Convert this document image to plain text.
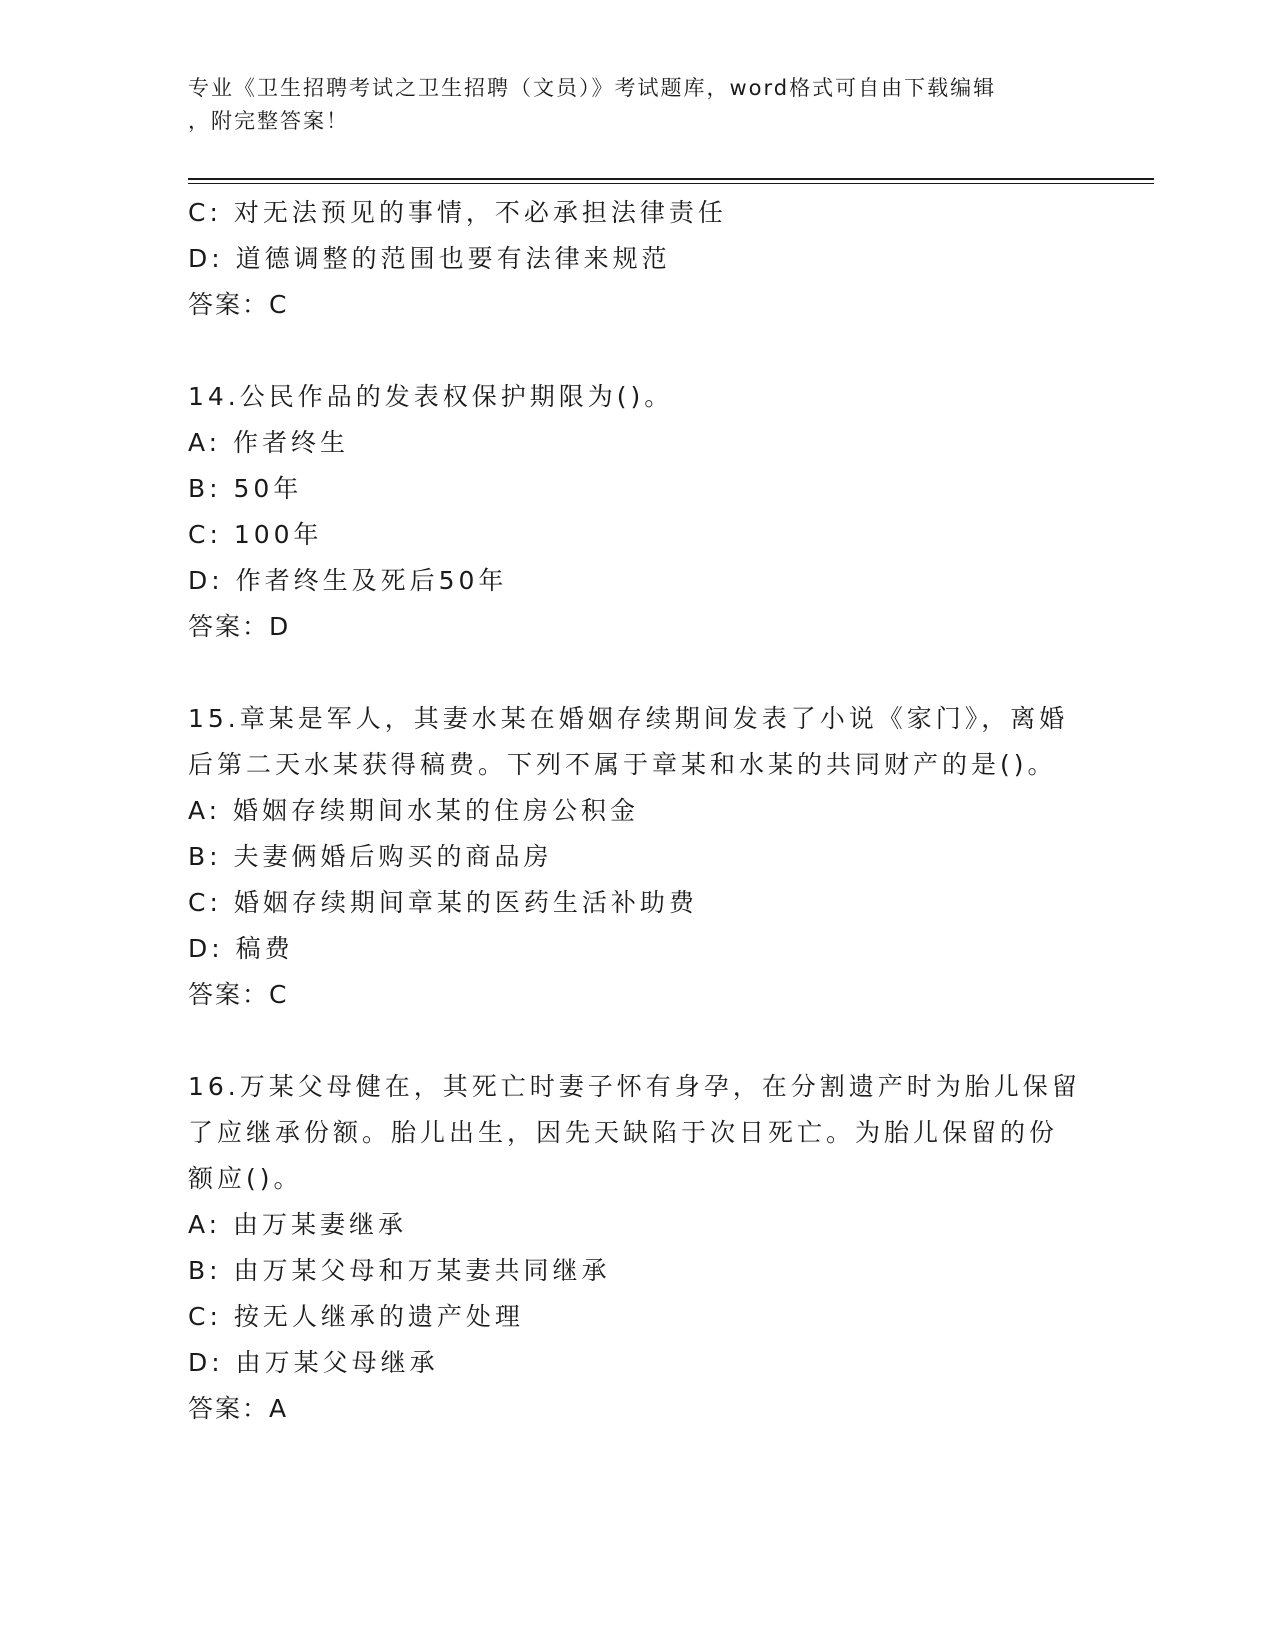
专业《卫生招聘考试之卫生招聘（文员）》考试题库，word格式可自由下载编辑
，附完整答案！
C: 对无法预见的事情，不必承担法律责任
D: 道德调整的范围也要有法律来规范
答案：C
14.公民作品的发表权保护期限为()。
A: 作者终生
B: 50年
C: 100年
D: 作者终生及死后50年
答案：D
15.章某是军人，其妻水某在婚姻存续期间发表了小说《家门》，离婚
后第二天水某获得稿费。下列不属于章某和水某的共同财产的是()。
A: 婚姻存续期间水某的住房公积金
B: 夫妻俩婚后购买的商品房
C: 婚姻存续期间章某的医药生活补助费
D: 稿费
答案：C
16.万某父母健在，其死亡时妻子怀有身孕，在分割遗产时为胎儿保留
了应继承份额。胎儿出生，因先天缺陷于次日死亡。为胎儿保留的份
额应()。
A: 由万某妻继承
B: 由万某父母和万某妻共同继承
C: 按无人继承的遗产处理
D: 由万某父母继承
答案：A
